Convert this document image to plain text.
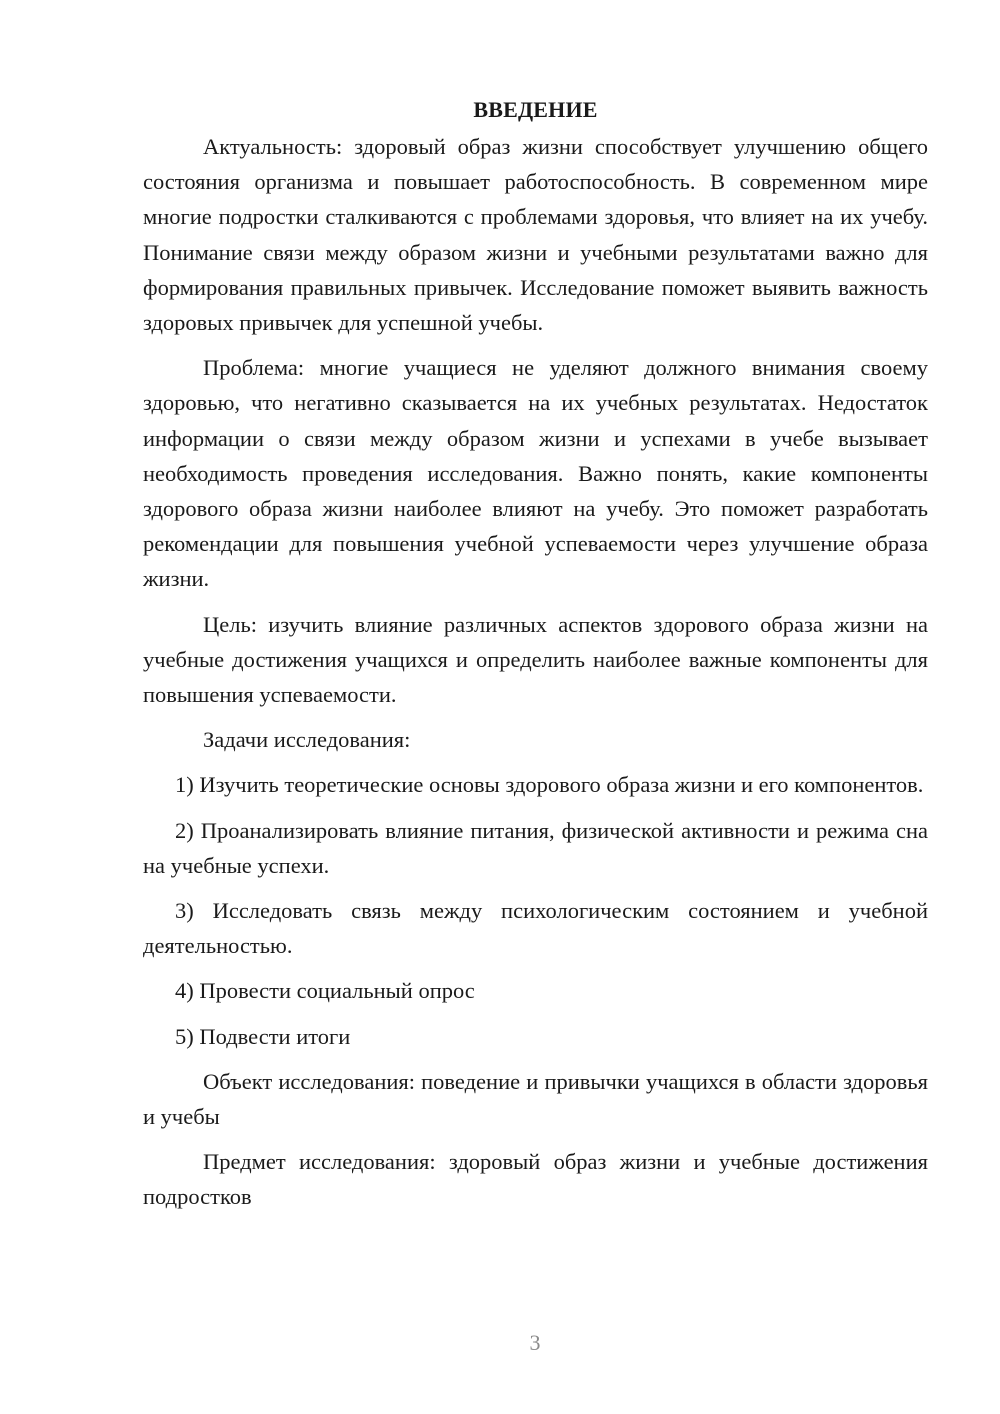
ВВЕДЕНИЕ

Актуальность: здоровый образ жизни способствует улучшению общего состояния организма и повышает работоспособность. В современном мире многие подростки сталкиваются с проблемами здоровья, что влияет на их учебу. Понимание связи между образом жизни и учебными результатами важно для формирования правильных привычек. Исследование поможет выявить важность здоровых привычек для успешной учебы.

Проблема: многие учащиеся не уделяют должного внимания своему здоровью, что негативно сказывается на их учебных результатах. Недостаток информации о связи между образом жизни и успехами в учебе вызывает необходимость проведения исследования. Важно понять, какие компоненты здорового образа жизни наиболее влияют на учебу. Это поможет разработать рекомендации для повышения учебной успеваемости через улучшение образа жизни.

Цель: изучить влияние различных аспектов здорового образа жизни на учебные достижения учащихся и определить наиболее важные компоненты для повышения успеваемости.

Задачи исследования:

1) Изучить теоретические основы здорового образа жизни и его компонентов.

2) Проанализировать влияние питания, физической активности и режима сна на учебные успехи.

3) Исследовать связь между психологическим состоянием и учебной деятельностью.

4) Провести социальный опрос

5) Подвести итоги

Объект исследования: поведение и привычки учащихся в области здоровья и учебы

Предмет исследования: здоровый образ жизни и учебные достижения подростков

3
